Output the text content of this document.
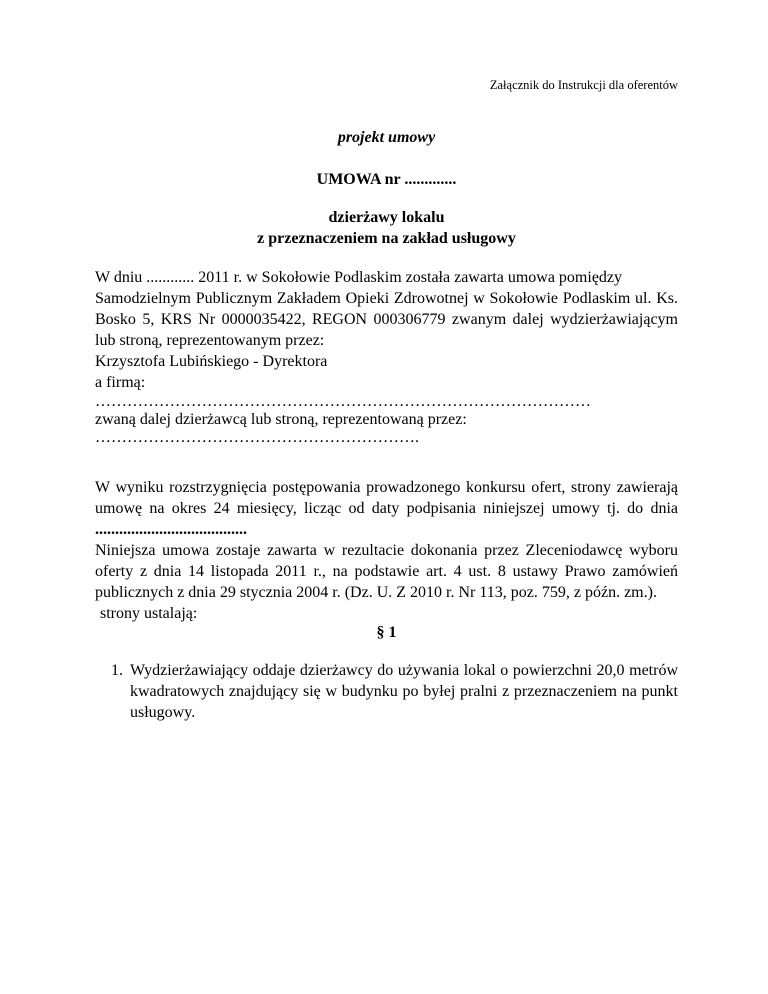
Załącznik do Instrukcji dla oferentów

projekt umowy

UMOWA nr .............

dzierżawy lokalu
z przeznaczeniem na zakład usługowy

W dniu ............ 2011 r. w Sokołowie Podlaskim została zawarta umowa pomiędzy

Samodzielnym Publicznym Zakładem Opieki Zdrowotnej w Sokołowie Podlaskim ul. Ks. Bosko 5, KRS Nr 0000035422, REGON 000306779 zwanym dalej wydzierżawiającym lub stroną, reprezentowanym przez:

Krzysztofa Lubińskiego - Dyrektora

a firmą:

…………………………………………………………………………………
zwaną dalej dzierżawcą lub stroną, reprezentowaną przez:
…………………………………………………….

W wyniku rozstrzygnięcia postępowania prowadzonego konkursu ofert, strony zawierają umowę na okres 24 miesięcy, licząc od daty podpisania niniejszej umowy tj. do dnia ......................................

Niniejsza umowa zostaje zawarta w rezultacie dokonania przez Zleceniodawcę wyboru oferty z dnia 14 listopada 2011 r., na podstawie art. 4 ust. 8 ustawy Prawo zamówień publicznych z dnia 29 stycznia 2004 r. (Dz. U. Z 2010 r. Nr 113, poz. 759, z późn. zm.).

strony ustalają:

§ 1

1. Wydzierżawiający oddaje dzierżawcy do używania lokal o powierzchni 20,0 metrów kwadratowych znajdujący się w budynku po byłej pralni z przeznaczeniem na punkt usługowy.
